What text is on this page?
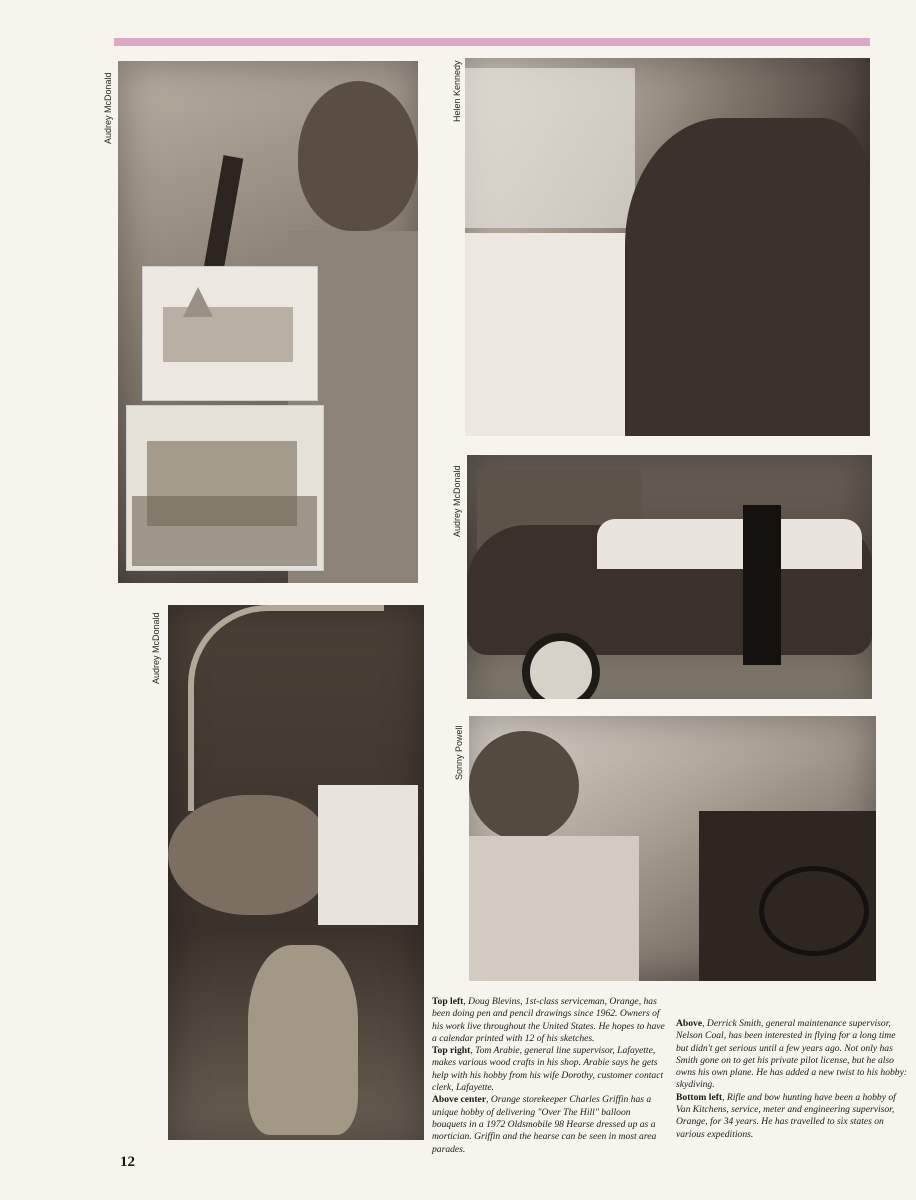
Audrey McDonald	Helen Kennedy
Audrey McDonald
Audrey McDonald
Sonny Powell

Top left, Doug Blevins, 1st-class serviceman, Orange, has been doing pen and pencil drawings since 1962. Owners of his work live throughout the United States. He hopes to have a calendar printed with 12 of his sketches.

Top right, Tom Arabie, general line supervisor, Lafayette, makes various wood crafts in his shop. Arabie says he gets help with his hobby from his wife Dorothy, customer contact clerk, Lafayette.

Above center, Orange storekeeper Charles Griffin has a unique hobby of delivering "Over The Hill" balloon bouquets in a 1972 Oldsmobile 98 Hearse dressed up as a mortician. Griffin and the hearse can be seen in most area parades.

Above, Derrick Smith, general maintenance supervisor, Nelson Coal, has been interested in flying for a long time but didn't get serious until a few years ago. Not only has Smith gone on to get his private pilot license, but he also owns his own plane. He has added a new twist to his hobby: skydiving.

Bottom left, Rifle and bow hunting have been a hobby of Van Kitchens, service, meter and engineering supervisor, Orange, for 34 years. He has travelled to six states on various expeditions.

12
